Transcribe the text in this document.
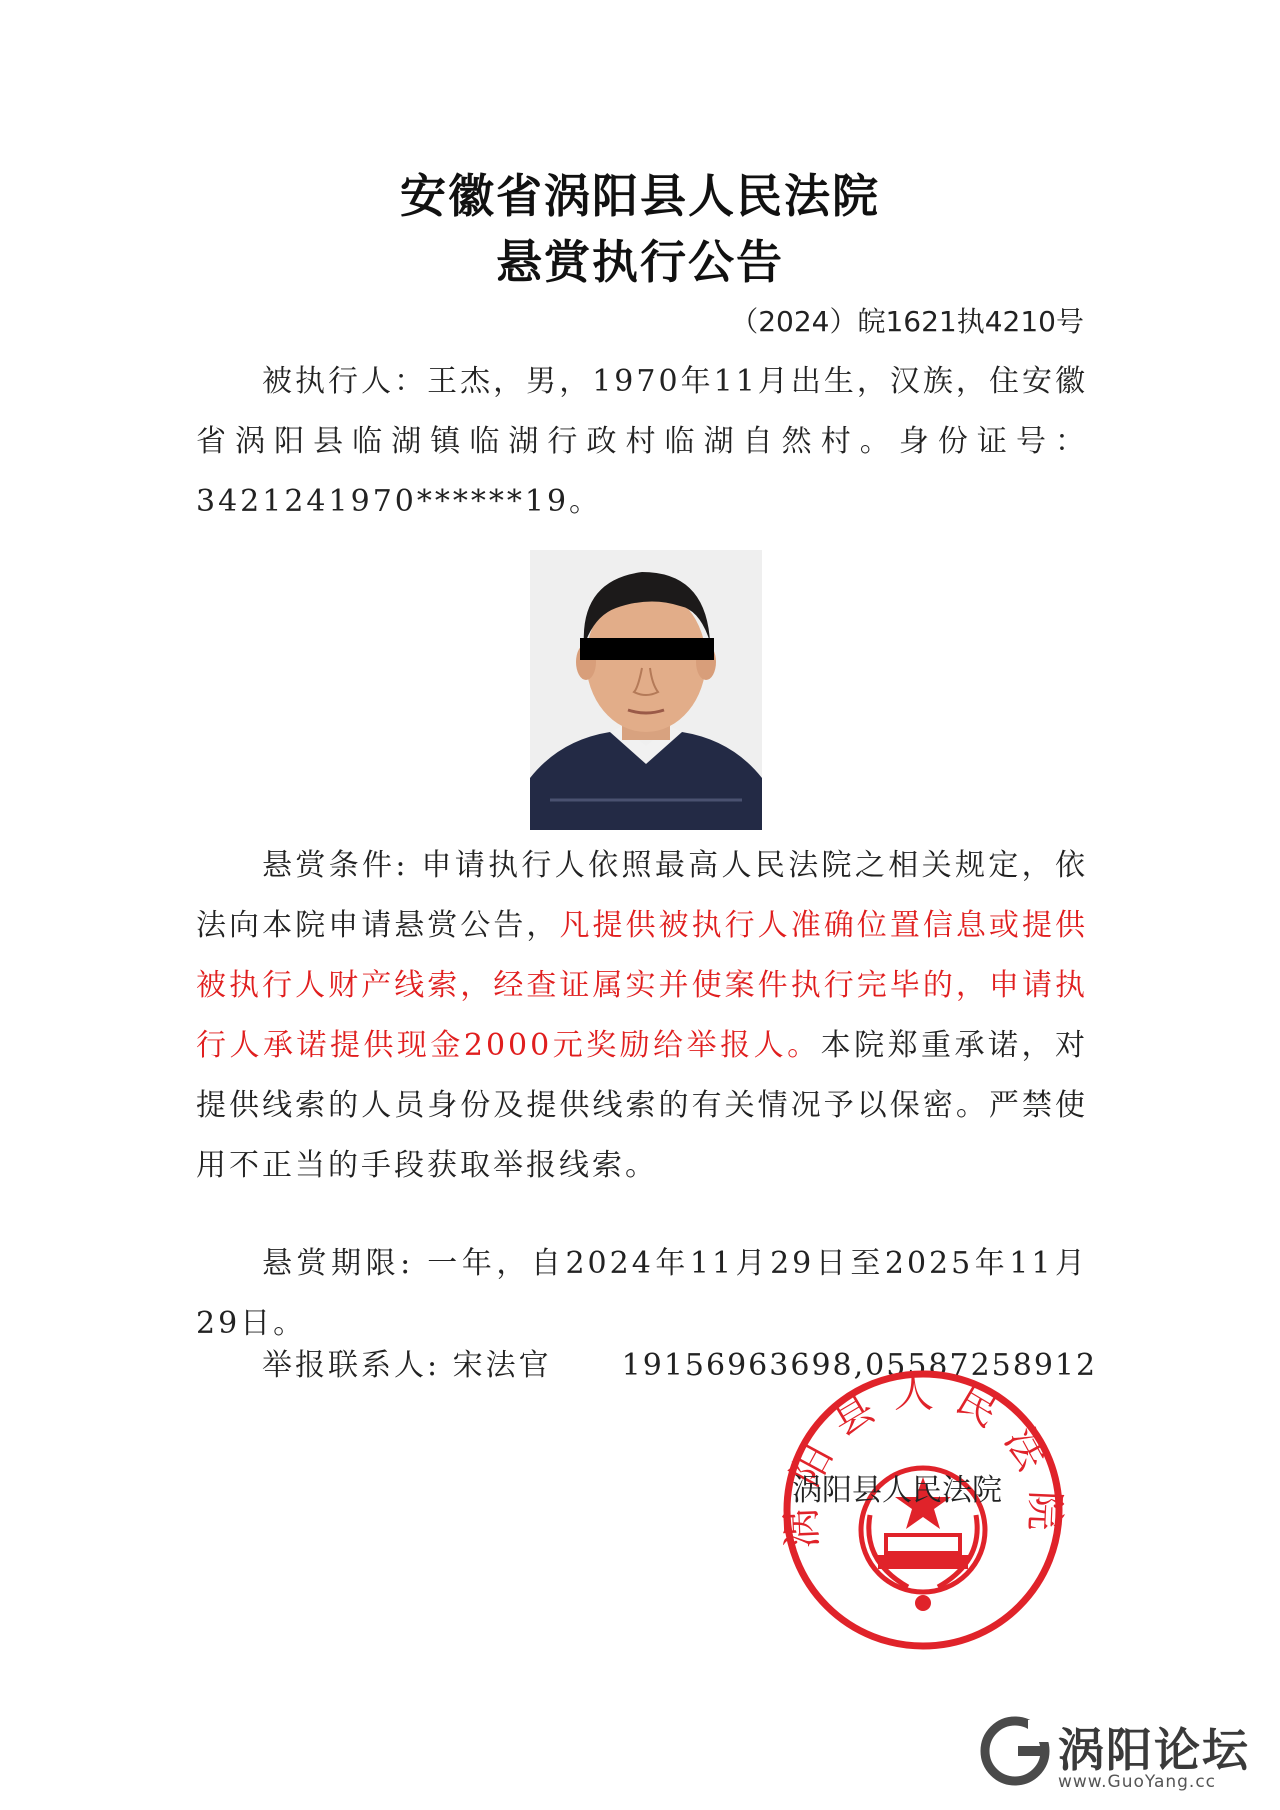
安徽省涡阳县人民法院
悬赏执行公告
（2024）皖1621执4210号
被执行人：王杰，男，1970年11月出生，汉族，住安徽省涡阳县临湖镇临湖行政村临湖自然村。身份证号：3421241970******19。
悬赏条件: 申请执行人依照最高人民法院之相关规定，依法向本院申请悬赏公告，凡提供被执行人准确位置信息或提供被执行人财产线索，经查证属实并使案件执行完毕的，申请执行人承诺提供现金2000元奖励给举报人。本院郑重承诺，对提供线索的人员身份及提供线索的有关情况予以保密。严禁使用不正当的手段获取举报线索。
悬赏期限: 一年，自2024年11月29日至2025年11月29日。
举报联系人: 宋法官 19156963698,05587258912
涡阳县人民法院
涡阳县人民法院
涡阳论坛
www.GuoYang.cc
